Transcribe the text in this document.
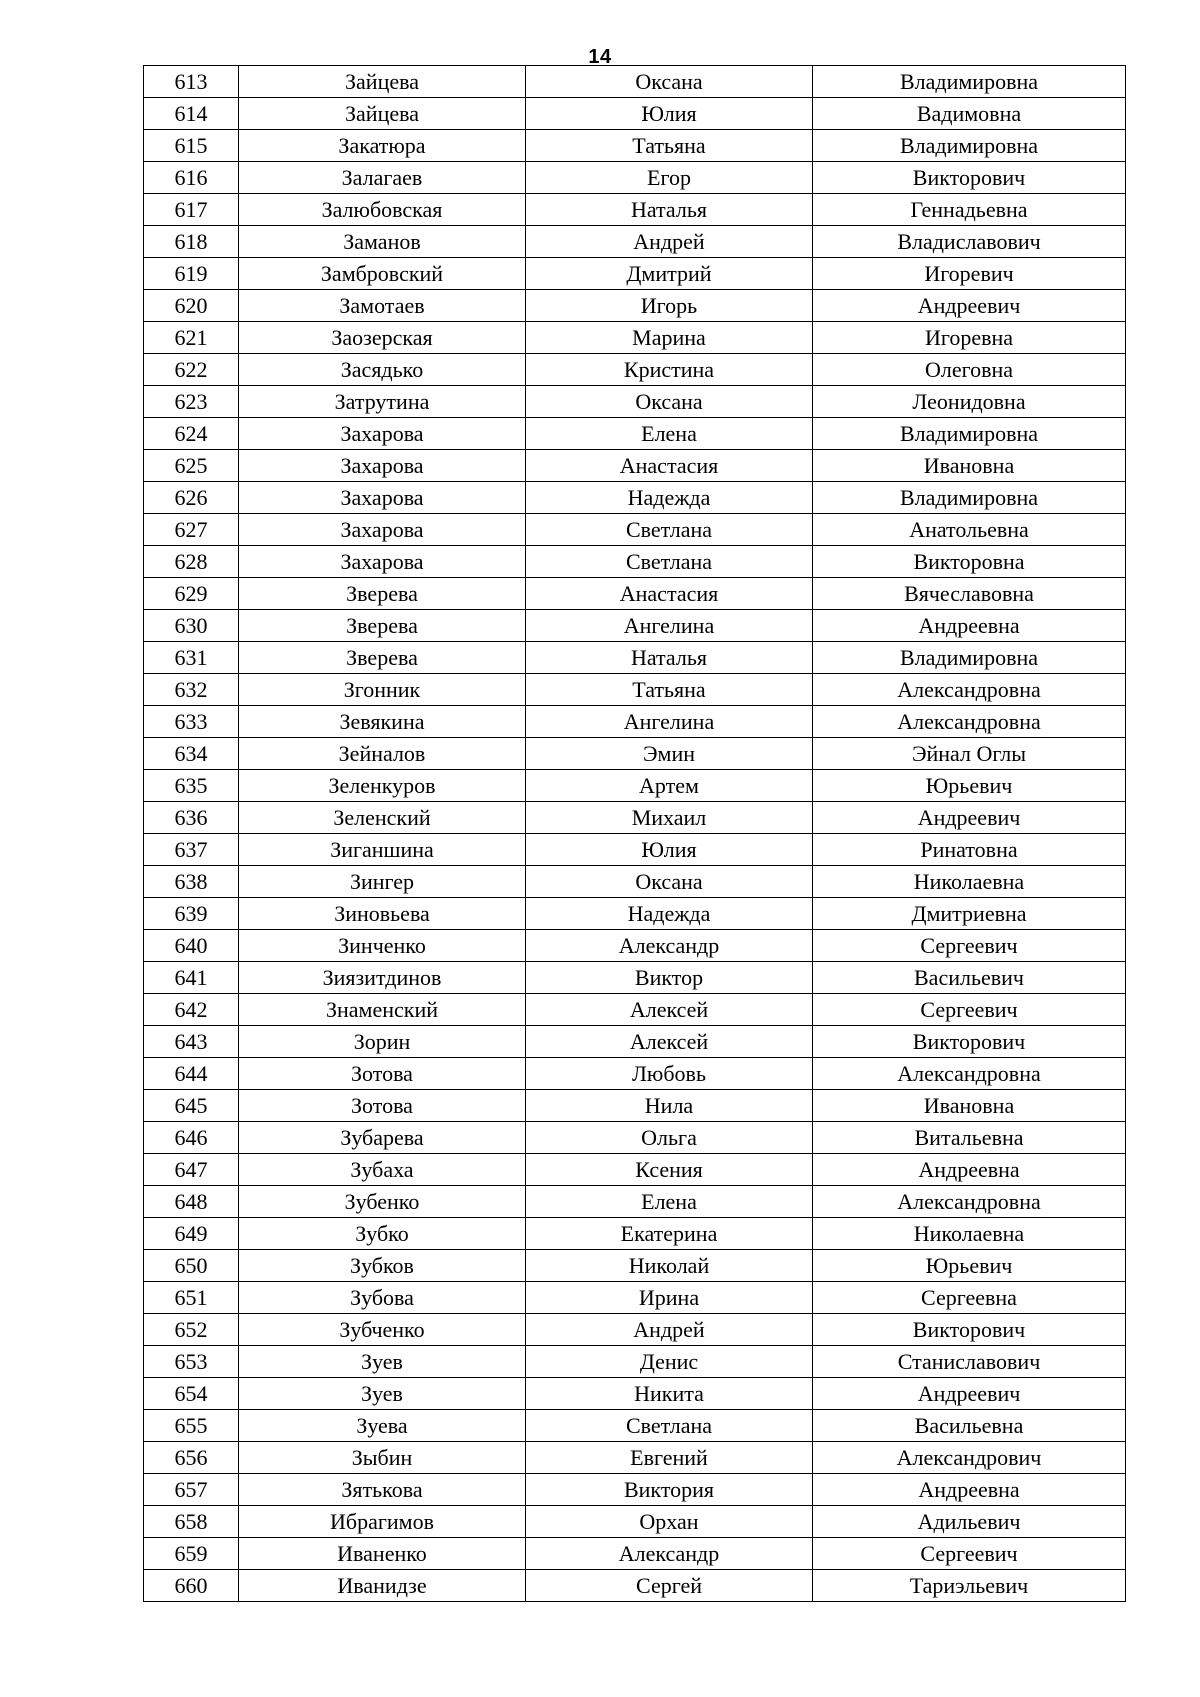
14
613	Зайцева	Оксана	Владимировна
614	Зайцева	Юлия	Вадимовна
615	Закатюра	Татьяна	Владимировна
616	Залагаев	Егор	Викторович
617	Залюбовская	Наталья	Геннадьевна
618	Заманов	Андрей	Владиславович
619	Замбровский	Дмитрий	Игоревич
620	Замотаев	Игорь	Андреевич
621	Заозерская	Марина	Игоревна
622	Засядько	Кристина	Олеговна
623	Затрутина	Оксана	Леонидовна
624	Захарова	Елена	Владимировна
625	Захарова	Анастасия	Ивановна
626	Захарова	Надежда	Владимировна
627	Захарова	Светлана	Анатольевна
628	Захарова	Светлана	Викторовна
629	Зверева	Анастасия	Вячеславовна
630	Зверева	Ангелина	Андреевна
631	Зверева	Наталья	Владимировна
632	Згонник	Татьяна	Александровна
633	Зевякина	Ангелина	Александровна
634	Зейналов	Эмин	Эйнал Оглы
635	Зеленкуров	Артем	Юрьевич
636	Зеленский	Михаил	Андреевич
637	Зиганшина	Юлия	Ринатовна
638	Зингер	Оксана	Николаевна
639	Зиновьева	Надежда	Дмитриевна
640	Зинченко	Александр	Сергеевич
641	Зиязитдинов	Виктор	Васильевич
642	Знаменский	Алексей	Сергеевич
643	Зорин	Алексей	Викторович
644	Зотова	Любовь	Александровна
645	Зотова	Нила	Ивановна
646	Зубарева	Ольга	Витальевна
647	Зубаха	Ксения	Андреевна
648	Зубенко	Елена	Александровна
649	Зубко	Екатерина	Николаевна
650	Зубков	Николай	Юрьевич
651	Зубова	Ирина	Сергеевна
652	Зубченко	Андрей	Викторович
653	Зуев	Денис	Станиславович
654	Зуев	Никита	Андреевич
655	Зуева	Светлана	Васильевна
656	Зыбин	Евгений	Александрович
657	Зятькова	Виктория	Андреевна
658	Ибрагимов	Орхан	Адильевич
659	Иваненко	Александр	Сергеевич
660	Иванидзе	Сергей	Тариэльевич
